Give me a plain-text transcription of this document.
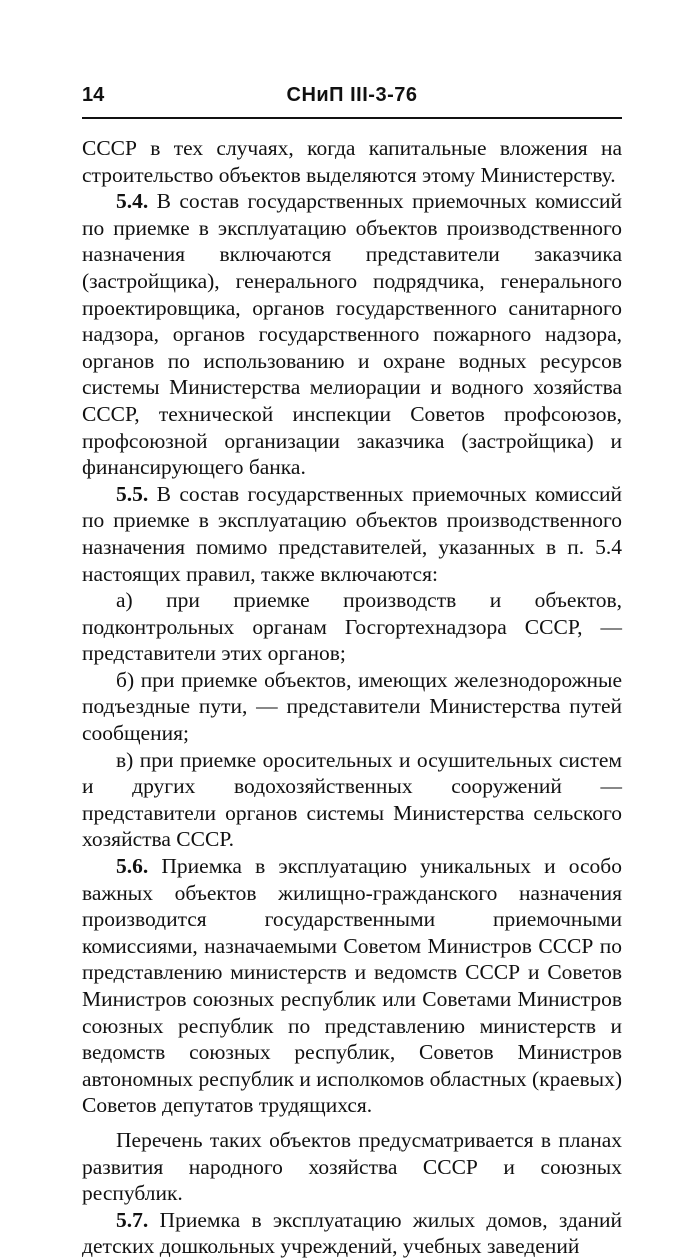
14	СНиП III-3-76

СССР в тех случаях, когда капитальные вложения на строительство объектов выделяются этому Министерству.

5.4. В состав государственных приемочных комиссий по приемке в эксплуатацию объектов производственного назначения включаются представители заказчика (застройщика), генерального подрядчика, генерального проектировщика, органов государственного санитарного надзора, органов государственного пожарного надзора, органов по использованию и охране водных ресурсов системы Министерства мелиорации и водного хозяйства СССР, технической инспекции Советов профсоюзов, профсоюзной организации заказчика (застройщика) и финансирующего банка.

5.5. В состав государственных приемочных комиссий по приемке в эксплуатацию объектов производственного назначения помимо представителей, указанных в п. 5.4 настоящих правил, также включаются:

а) при приемке производств и объектов, подконтрольных органам Госгортехнадзора СССР, — представители этих органов;

б) при приемке объектов, имеющих железнодорожные подъездные пути, — представители Министерства путей сообщения;

в) при приемке оросительных и осушительных систем и других водохозяйственных сооружений — представители органов системы Министерства сельского хозяйства СССР.

5.6. Приемка в эксплуатацию уникальных и особо важных объектов жилищно-гражданского назначения производится государственными приемочными комиссиями, назначаемыми Советом Министров СССР по представлению министерств и ведомств СССР и Советов Министров союзных республик или Советами Министров союзных республик по представлению министерств и ведомств союзных республик, Советов Министров автономных республик и исполкомов областных (краевых) Советов депутатов трудящихся.

Перечень таких объектов предусматривается в планах развития народного хозяйства СССР и союзных республик.

5.7. Приемка в эксплуатацию жилых домов, зданий детских дошкольных учреждений, учебных заведений
